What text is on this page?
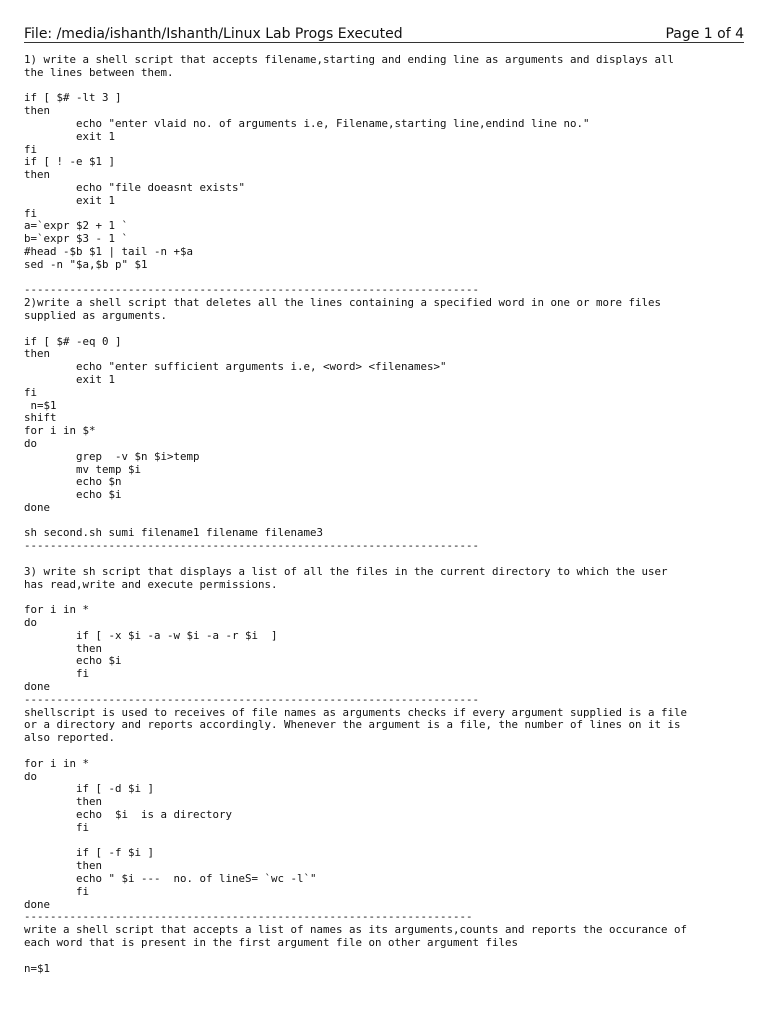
File: /media/ishanth/Ishanth/Linux Lab Progs Executed	Page 1 of 4
1) write a shell script that accepts filename,starting and ending line as arguments and displays all
the lines between them.

if [ $# -lt 3 ]
then
echo "enter vlaid no. of arguments i.e, Filename,starting line,endind line no."
exit 1
fi
if [ ! -e $1 ]
then
echo "file doeasnt exists"
exit 1
fi
a=`expr $2 + 1 `
b=`expr $3 - 1 `
#head -$b $1 | tail -n +$a
sed -n "$a,$b p" $1

----------------------------------------------------------------------
2)write a shell script that deletes all the lines containing a specified word in one or more files
supplied as arguments.

if [ $# -eq 0 ]
then
echo "enter sufficient arguments i.e, <word> <filenames>"
exit 1
fi
n=$1
shift
for i in $*
do
grep  -v $n $i>temp
mv temp $i
echo $n
echo $i
done

sh second.sh sumi filename1 filename filename3
----------------------------------------------------------------------

3) write sh script that displays a list of all the files in the current directory to which the user
has read,write and execute permissions.

for i in *
do
if [ -x $i -a -w $i -a -r $i  ]
then
echo $i
fi
done
----------------------------------------------------------------------
shellscript is used to receives of file names as arguments checks if every argument supplied is a file
or a directory and reports accordingly. Whenever the argument is a file, the number of lines on it is
also reported.

for i in *
do
if [ -d $i ]
then
echo  $i  is a directory
fi

if [ -f $i ]
then
echo " $i ---  no. of lineS= `wc -l`"
fi
done
---------------------------------------------------------------------
write a shell script that accepts a list of names as its arguments,counts and reports the occurance of
each word that is present in the first argument file on other argument files

n=$1
